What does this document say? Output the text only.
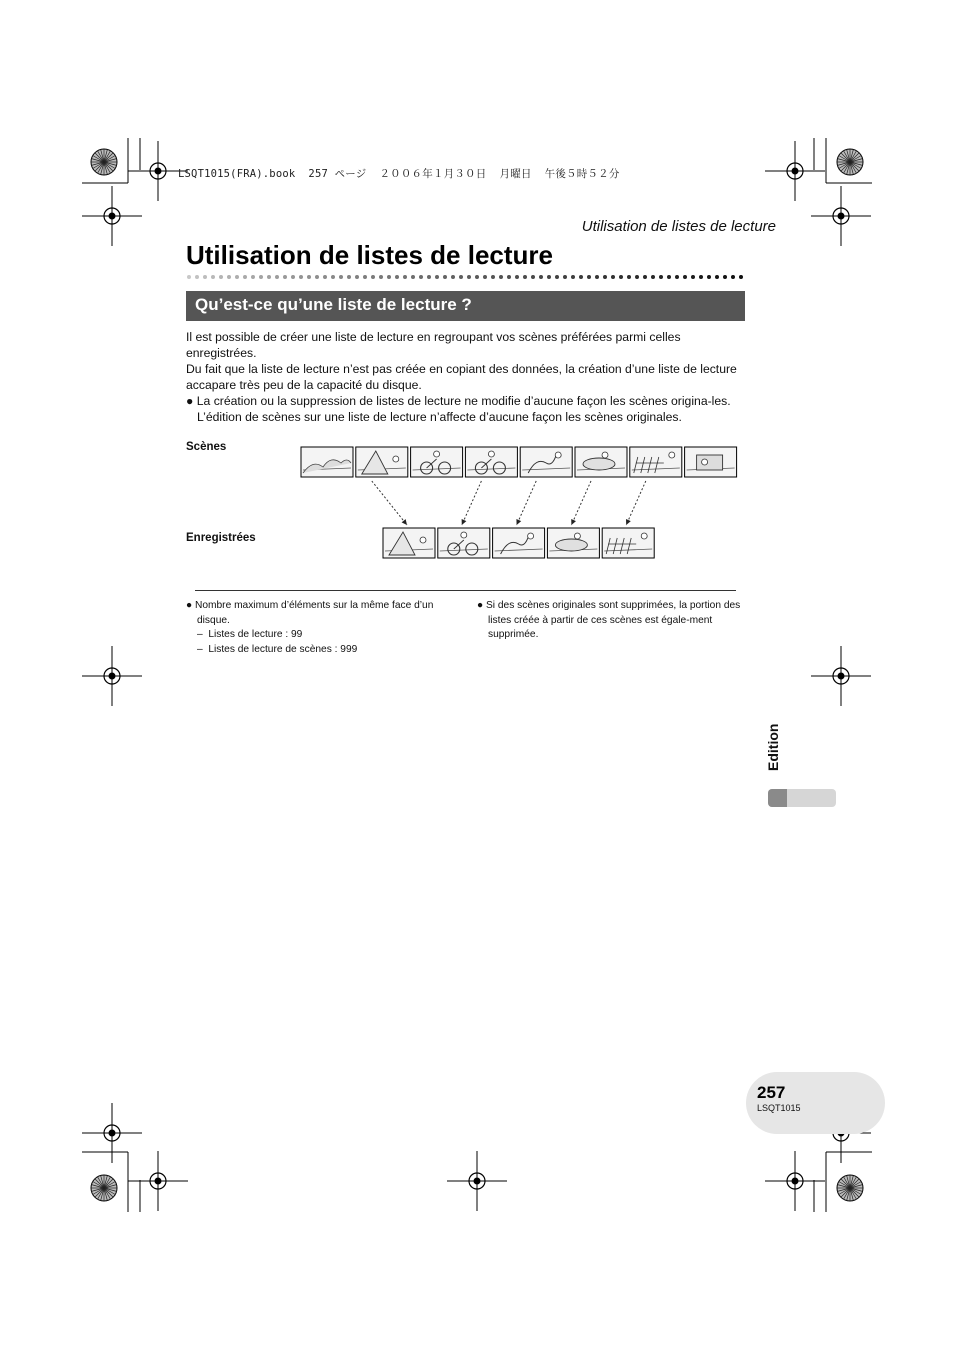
LSQT1015(FRA).book  257 ページ  ２００６年１月３０日  月曜日  午後５時５２分
Utilisation de listes de lecture
Utilisation de listes de lecture
Qu’est-ce qu’une liste de lecture ?

Il est possible de créer une liste de lecture en regroupant vos scènes préférées parmi celles enregistrées.

Du fait que la liste de lecture n’est pas créée en copiant des données, la création d’une liste de lecture accapare très peu de la capacité du disque.

● La création ou la suppression de listes de lecture ne modifie d’aucune façon les scènes origina-les. L’édition de scènes sur une liste de lecture n’affecte d’aucune façon les scènes originales.

Scènes
Enregistrées

● Nombre maximum d’éléments sur la même face d’un disque.

–  Listes de lecture : 99

–  Listes de lecture de scènes : 999

● Si des scènes originales sont supprimées, la portion des listes créée à partir de ces scènes est égale-ment supprimée.

Edition
257
LSQT1015
